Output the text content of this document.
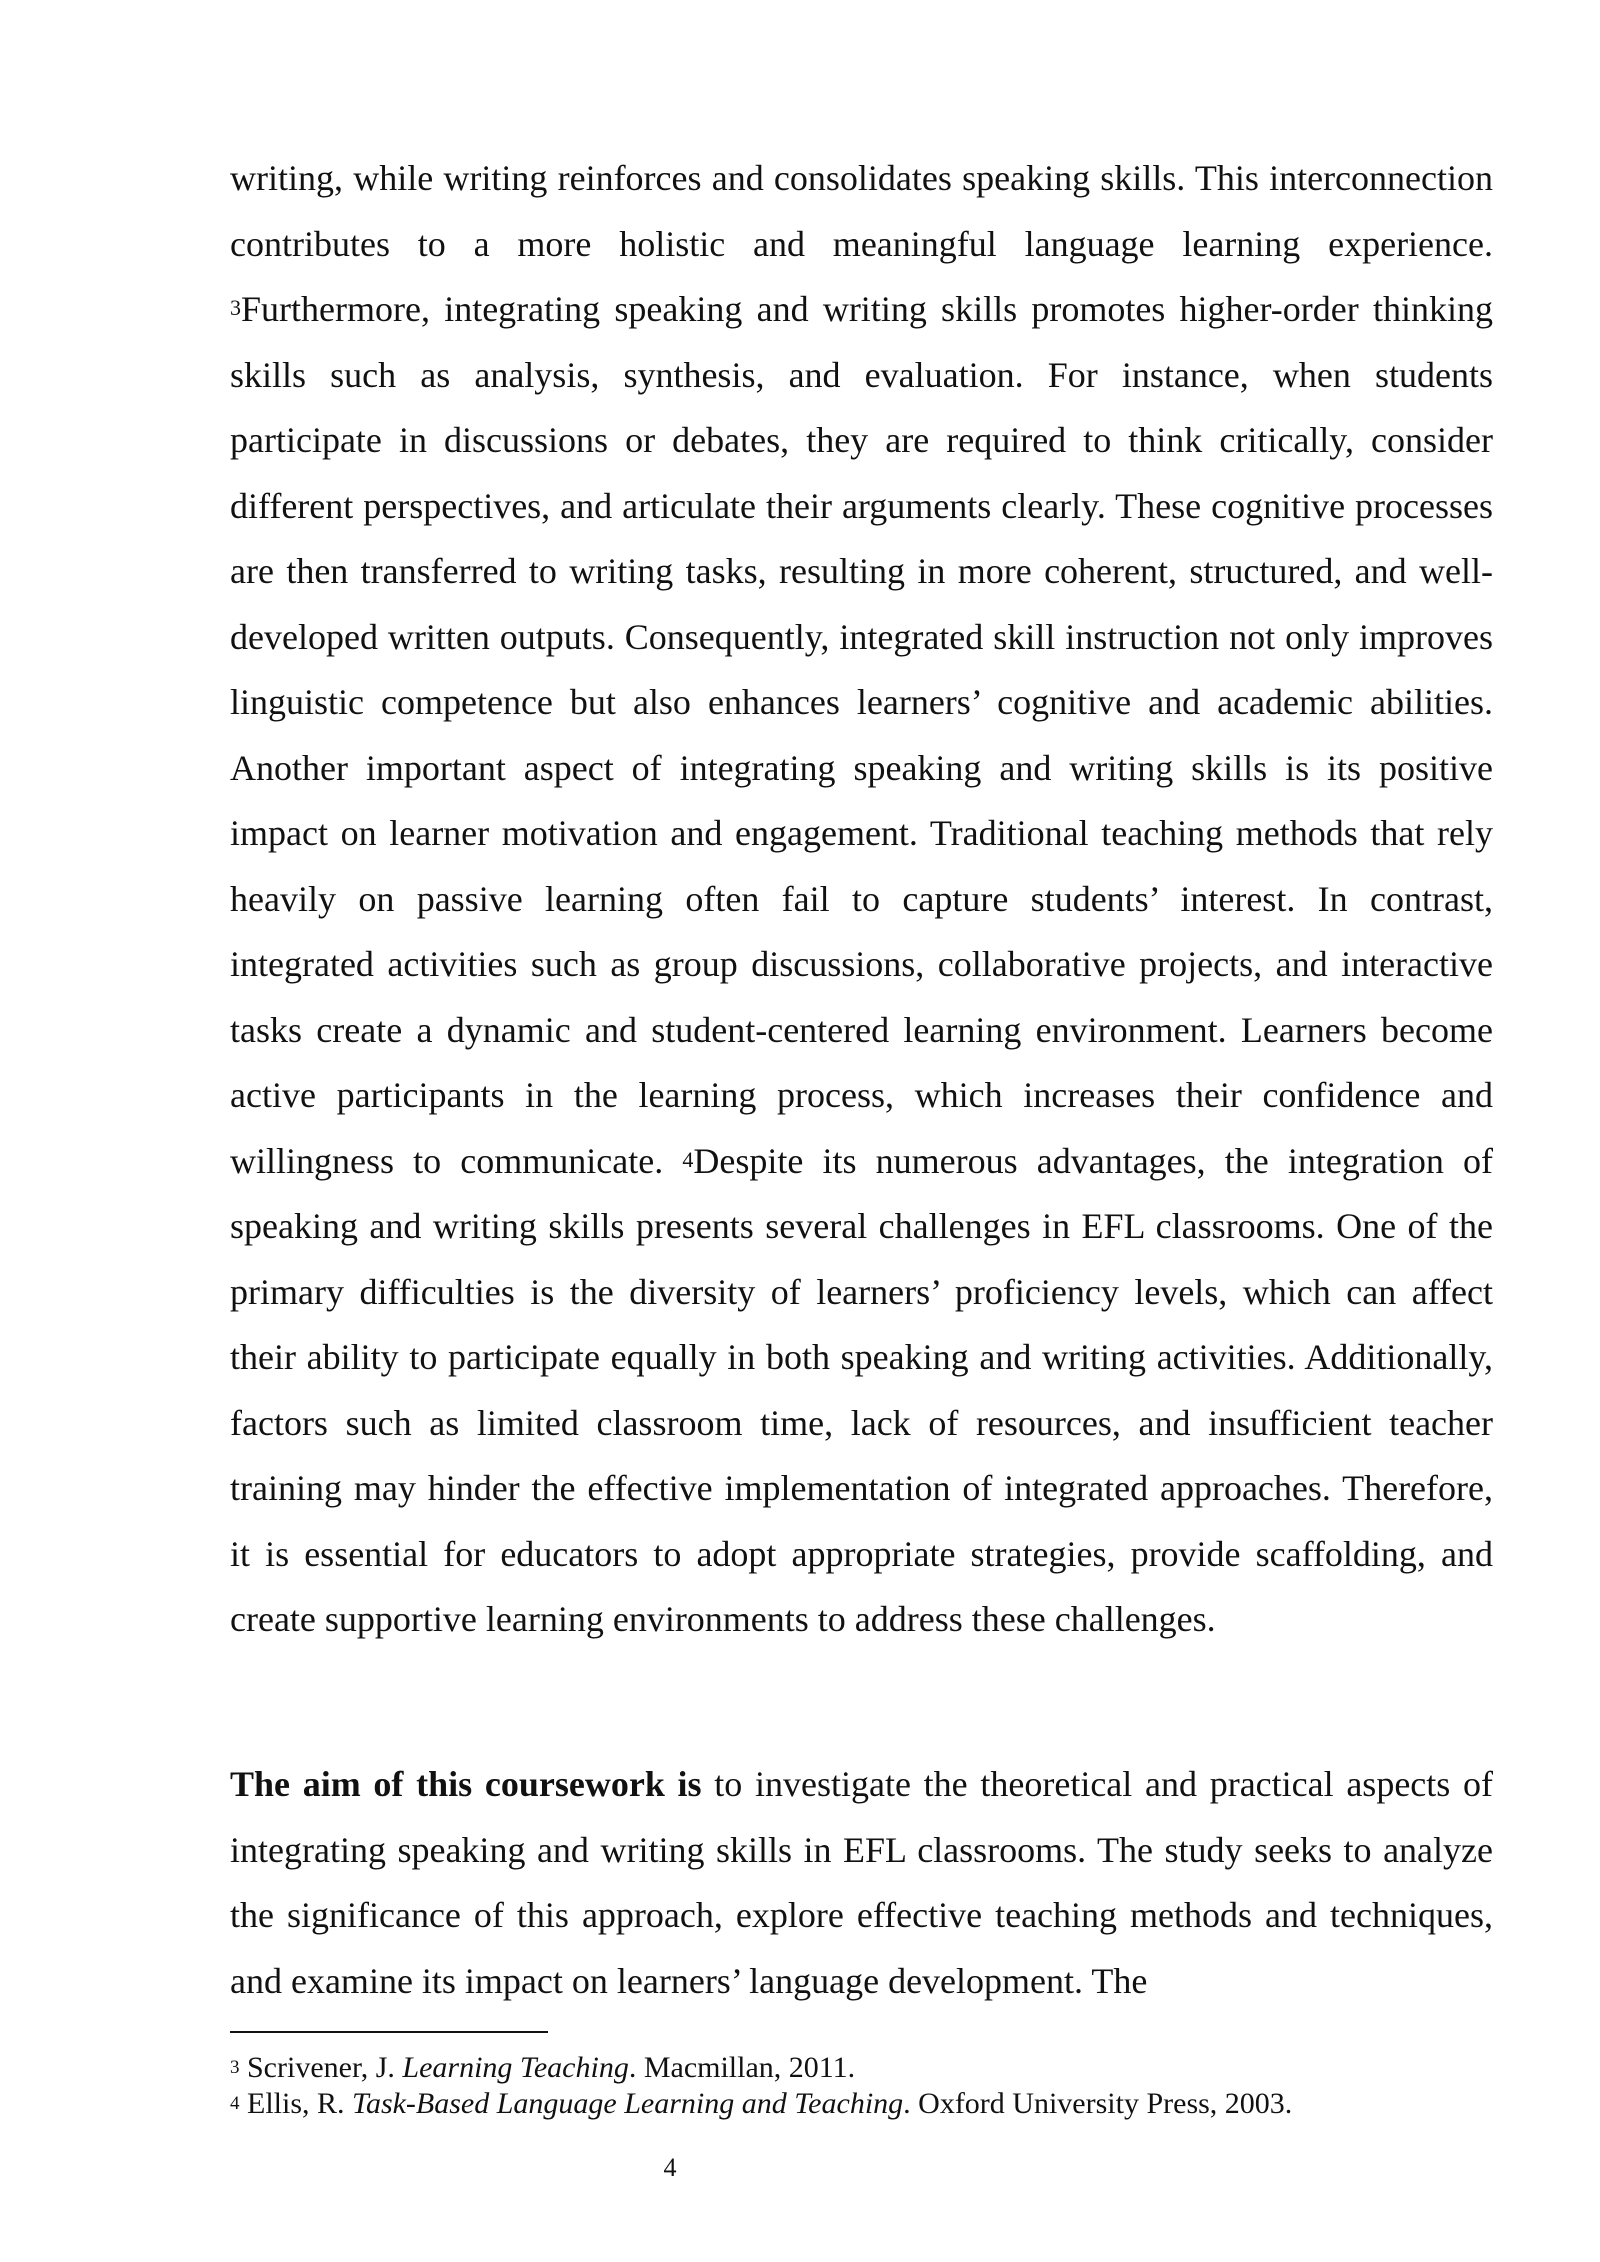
writing, while writing reinforces and consolidates speaking skills. This interconnection contributes to a more holistic and meaningful language learning experience. $^3$Furthermore, integrating speaking and writing skills promotes higher-order thinking skills such as analysis, synthesis, and evaluation. For instance, when students participate in discussions or debates, they are required to think critically, consider different perspectives, and articulate their arguments clearly. These cognitive processes are then transferred to writing tasks, resulting in more coherent, structured, and well-developed written outputs. Consequently, integrated skill instruction not only improves linguistic competence but also enhances learners’ cognitive and academic abilities. Another important aspect of integrating speaking and writing skills is its positive impact on learner motivation and engagement. Traditional teaching methods that rely heavily on passive learning often fail to capture students’ interest. In contrast, integrated activities such as group discussions, collaborative projects, and interactive tasks create a dynamic and student-centered learning environment. Learners become active participants in the learning process, which increases their confidence and willingness to communicate. $^4$Despite its numerous advantages, the integration of speaking and writing skills presents several challenges in EFL classrooms. One of the primary difficulties is the diversity of learners’ proficiency levels, which can affect their ability to participate equally in both speaking and writing activities. Additionally, factors such as limited classroom time, lack of resources, and insufficient teacher training may hinder the effective implementation of integrated approaches. Therefore, it is essential for educators to adopt appropriate strategies, provide scaffolding, and create supportive learning environments to address these challenges.

The aim of this coursework is to investigate the theoretical and practical aspects of integrating speaking and writing skills in EFL classrooms. The study seeks to analyze the significance of this approach, explore effective teaching methods and techniques, and examine its impact on learners’ language development. The

$^3$ Scrivener, J. Learning Teaching. Macmillan, 2011.

$^4$ Ellis, R. Task-Based Language Learning and Teaching. Oxford University Press, 2003.

4
